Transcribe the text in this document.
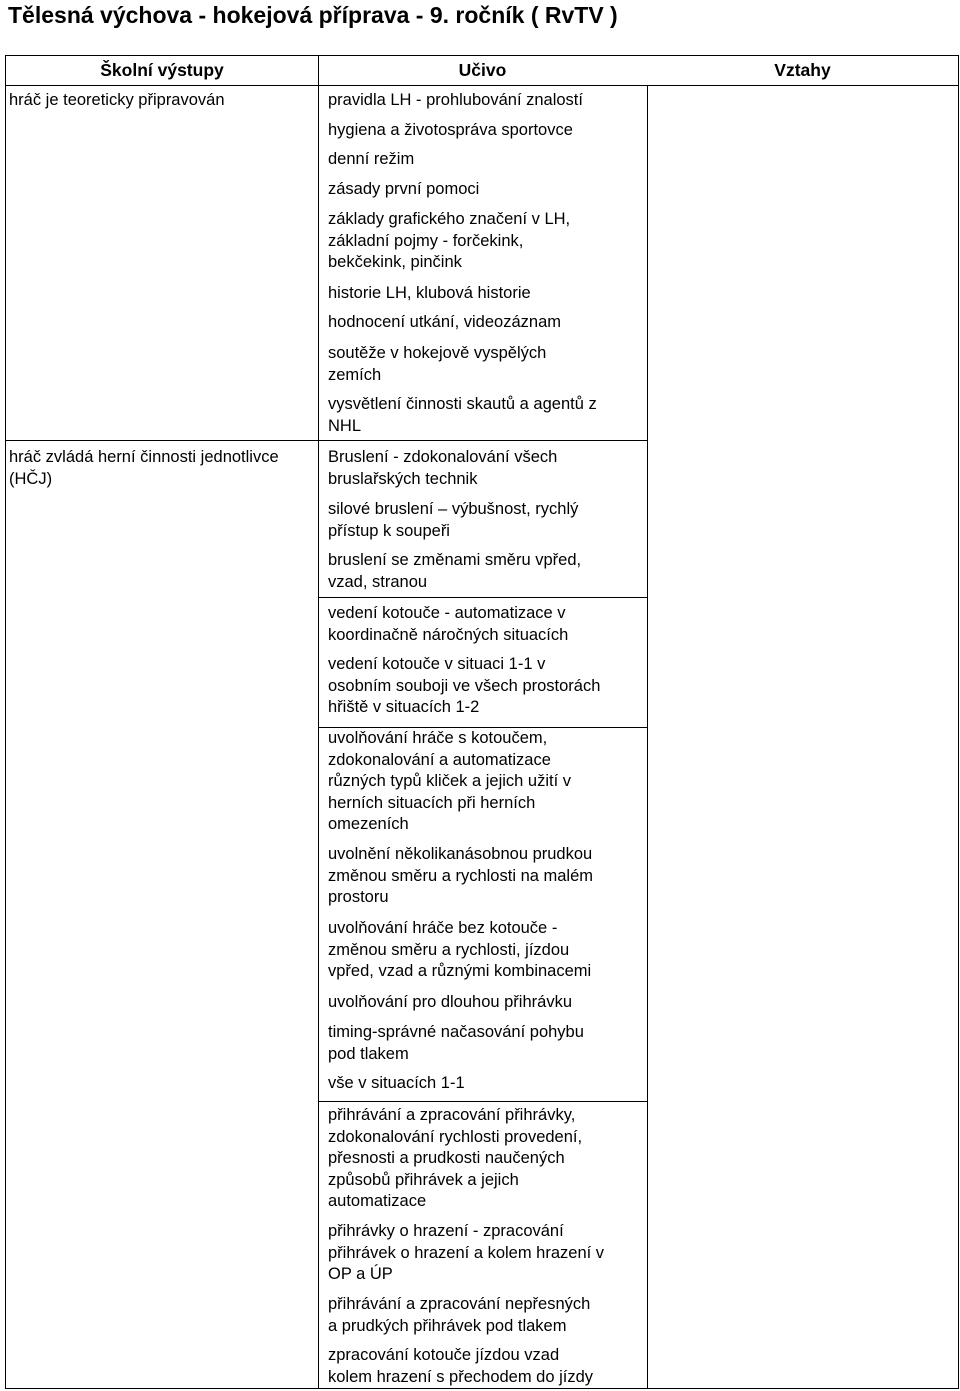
Tělesná výchova - hokejová příprava - 9. ročník ( RvTV )
Školní výstupy	Učivo	Vztahy
hráč je teoreticky připravován
hráč zvládá herní činnosti jednotlivce
(HČJ)
pravidla LH - prohlubování znalostí
hygiena a životospráva sportovce
denní režim
zásady první pomoci
základy grafického značení v LH,
základní pojmy - forčekink,
bekčekink, pinčink
historie LH, klubová historie
hodnocení utkání, videozáznam
soutěže v hokejově vyspělých
zemích
vysvětlení činnosti skautů a agentů z
NHL
Bruslení - zdokonalování všech
bruslařských technik
silové bruslení – výbušnost, rychlý
přístup k soupeři
bruslení se změnami směru vpřed,
vzad, stranou
vedení kotouče - automatizace v
koordinačně náročných situacích
vedení kotouče v situaci 1-1 v
osobním souboji ve všech prostorách
hřiště v situacích 1-2
uvolňování hráče s kotoučem,
zdokonalování a automatizace
různých typů kliček a jejich užití v
herních situacích při herních
omezeních
uvolnění několikanásobnou prudkou
změnou směru a rychlosti na malém
prostoru
uvolňování hráče bez kotouče -
změnou směru a rychlosti, jízdou
vpřed, vzad a různými kombinacemi
uvolňování pro dlouhou přihrávku
timing-správné načasování pohybu
pod tlakem
vše v situacích 1-1
přihrávání a zpracování přihrávky,
zdokonalování rychlosti provedení,
přesnosti a prudkosti naučených
způsobů přihrávek a jejich
automatizace
přihrávky o hrazení - zpracování
přihrávek o hrazení a kolem hrazení v
OP a ÚP
přihrávání a zpracování nepřesných
a prudkých přihrávek pod tlakem
zpracování kotouče jízdou vzad
kolem hrazení s přechodem do jízdy
